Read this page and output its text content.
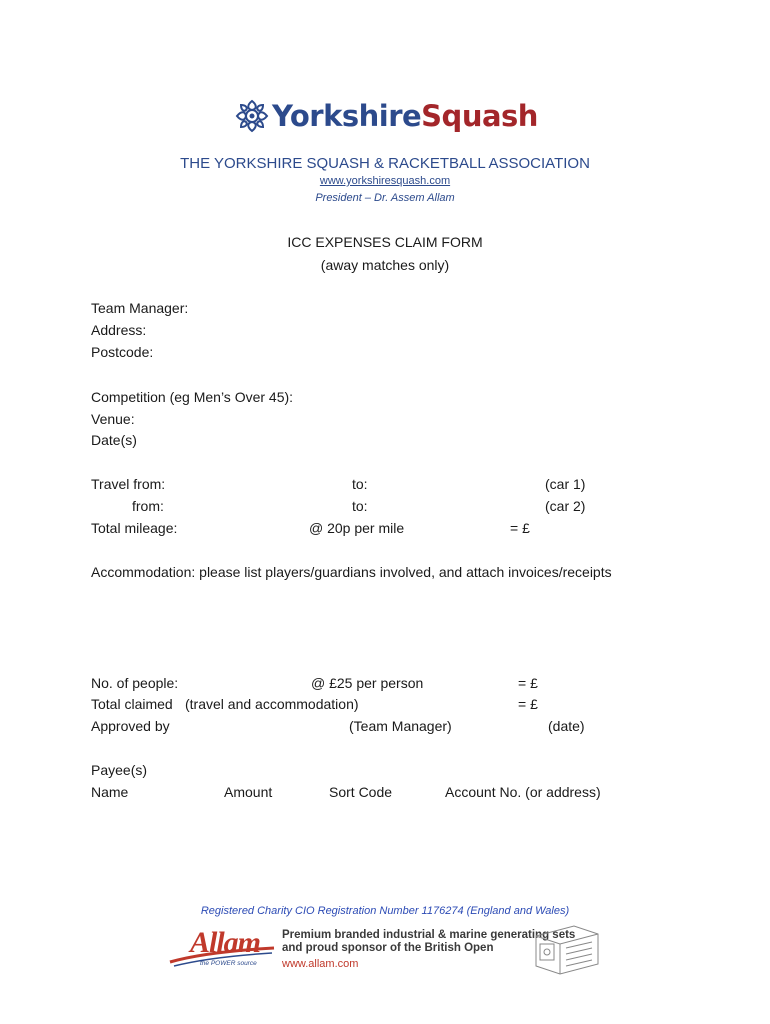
Yorkshire Squash
THE YORKSHIRE SQUASH & RACKETBALL ASSOCIATION
www.yorkshiresquash.com
President – Dr. Assem Allam
ICC EXPENSES CLAIM FORM
(away matches only)
Team Manager:
Address:
Postcode:
Competition (eg Men’s Over 45):
Venue:
Date(s)
Travel from:	to:	(car 1)
from:	to:	(car 2)
Total mileage:	@ 20p per mile	= £
Accommodation: please list players/guardians involved, and attach invoices/receipts
No. of people:	@ £25 per person	= £
Total claimed (travel and accommodation)	= £
Approved by	(Team Manager)	(date)
Payee(s)
Name	Amount	Sort Code	Account No. (or address)
Registered Charity CIO Registration Number 1176274 (England and Wales)
Allam
the POWER source
Premium branded industrial & marine generating sets
and proud sponsor of the British Open
www.allam.com
